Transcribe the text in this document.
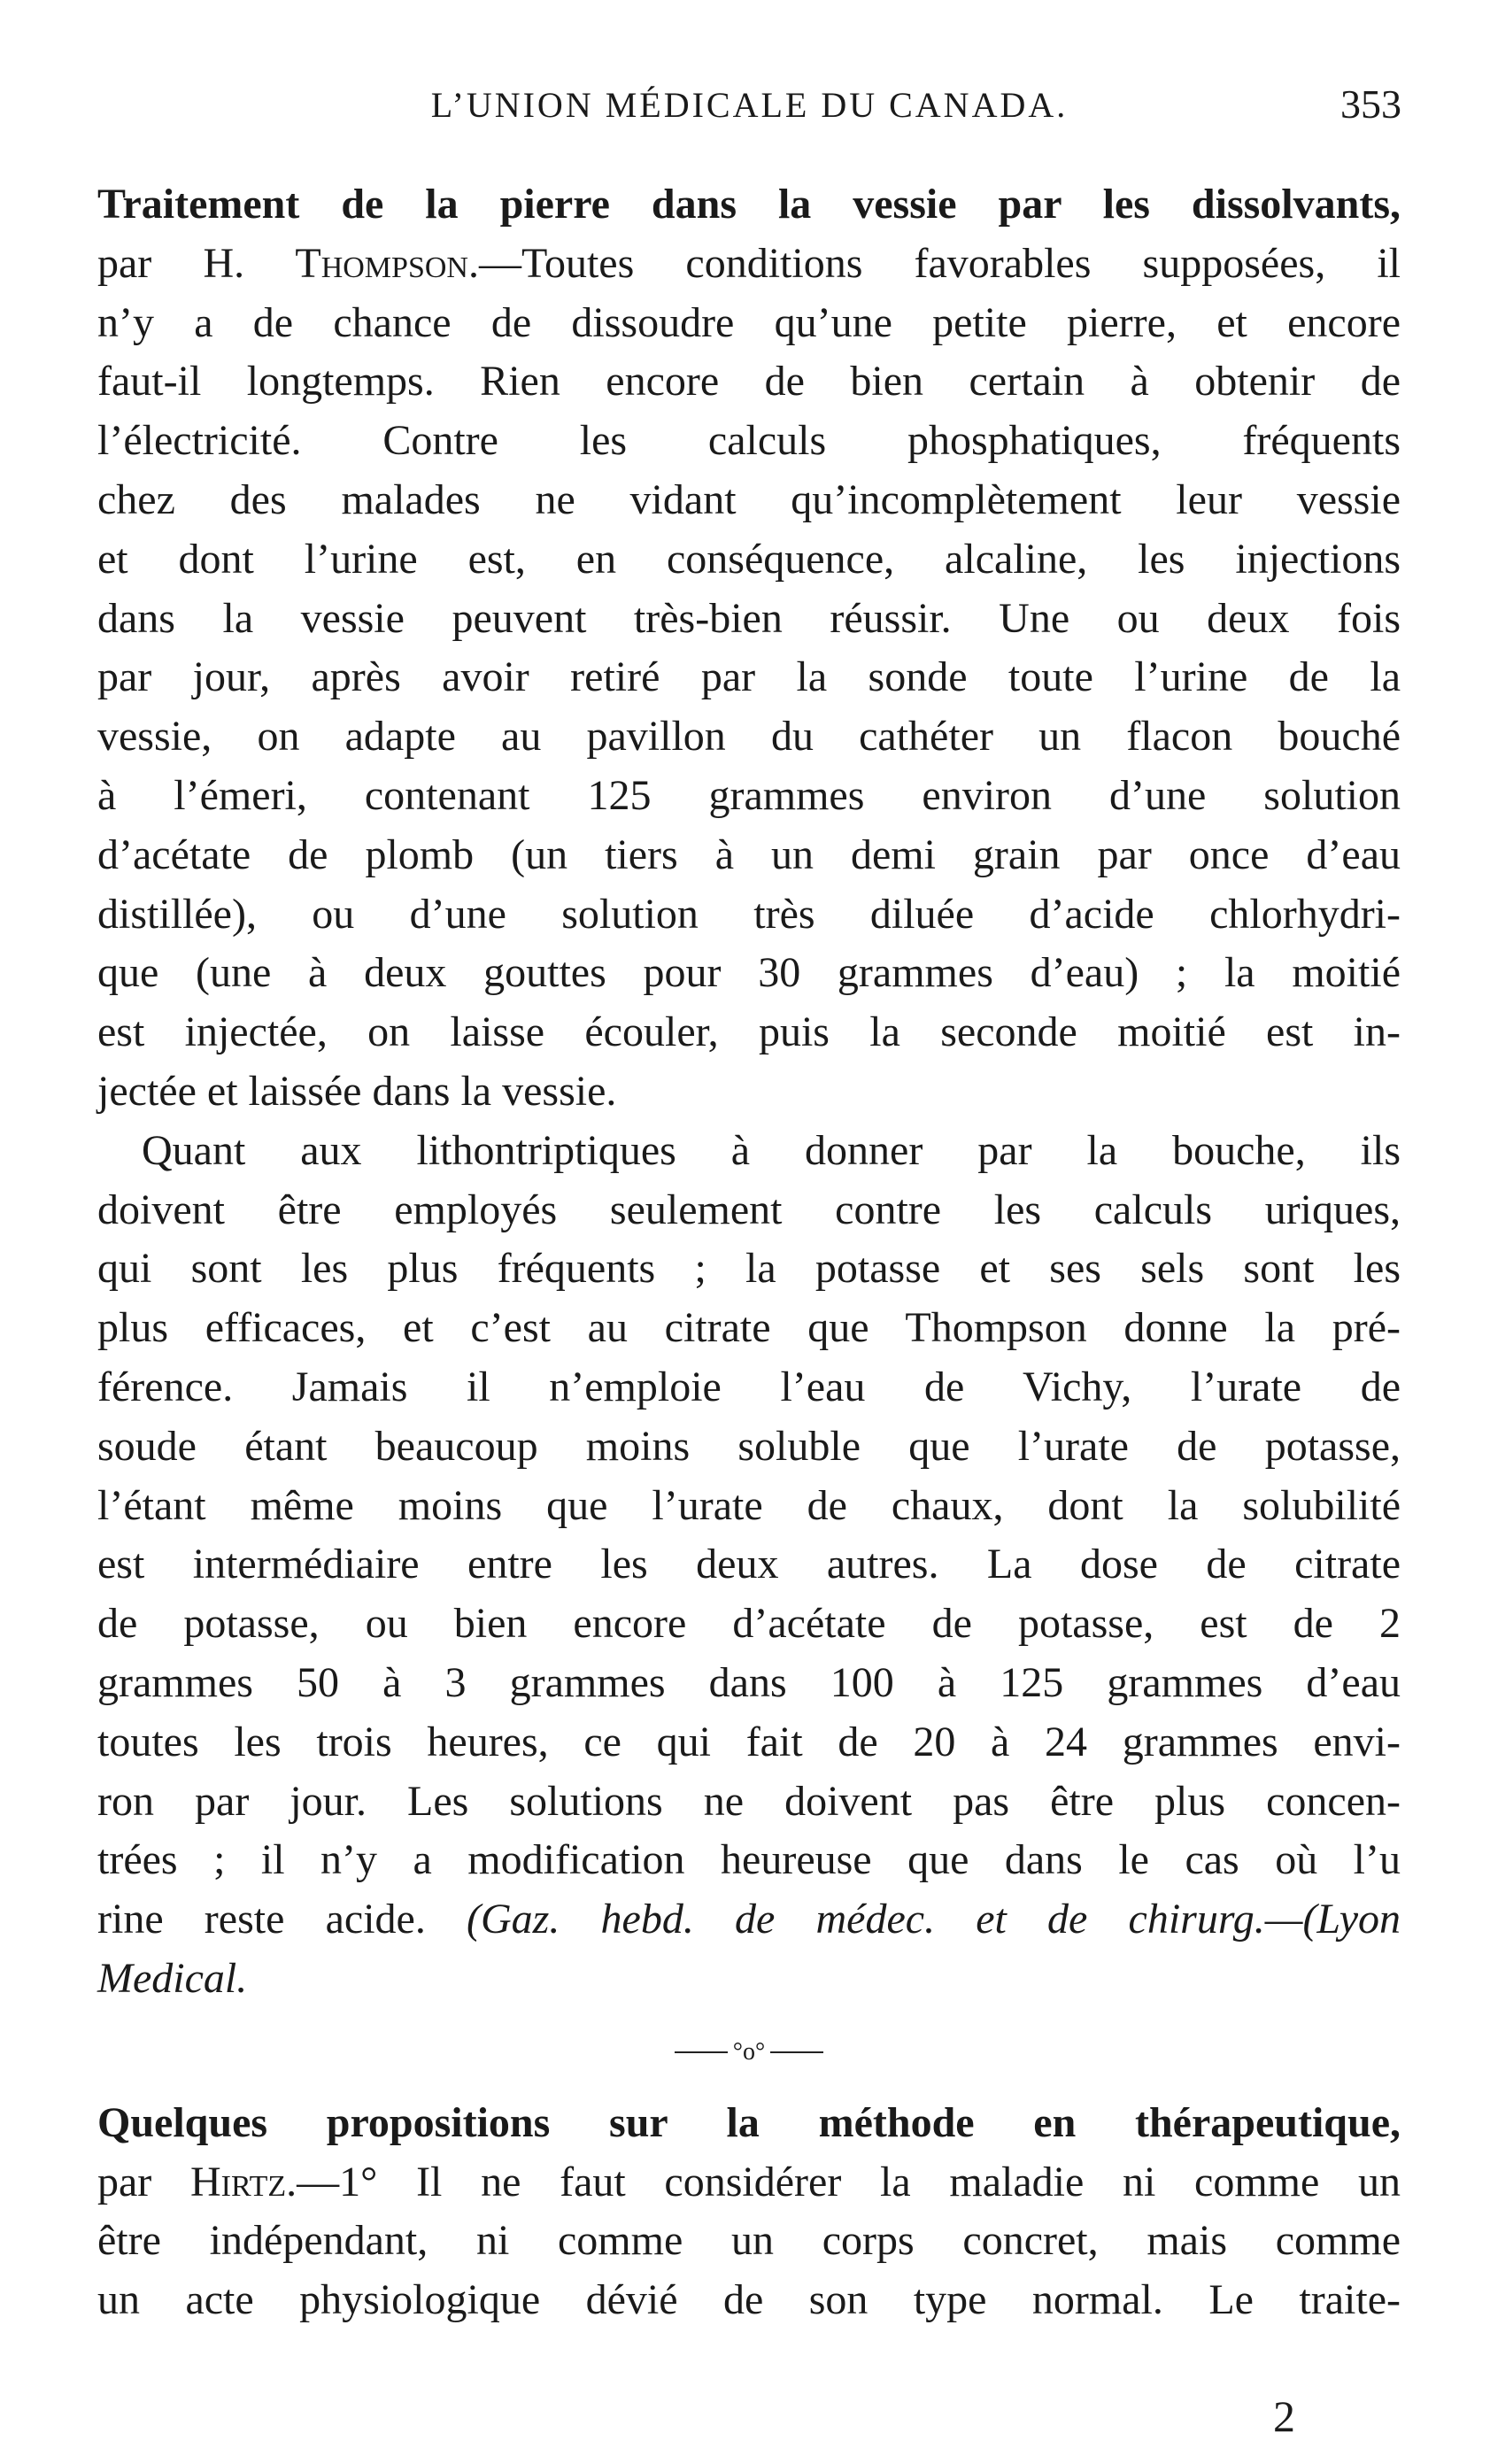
L’UNION MÉDICALE DU CANADA.	353
Traitement de la pierre dans la vessie par les dissolvants,
par H. Thompson.—Toutes conditions favorables supposées, il
n’y a de chance de dissoudre qu’une petite pierre, et encore
faut-il longtemps. Rien encore de bien certain à obtenir de
l’électricité. Contre les calculs phosphatiques, fréquents
chez des malades ne vidant qu’incomplètement leur vessie
et dont l’urine est, en conséquence, alcaline, les injections
dans la vessie peuvent très-bien réussir. Une ou deux fois
par jour, après avoir retiré par la sonde toute l’urine de la
vessie, on adapte au pavillon du cathéter un flacon bouché
à l’émeri, contenant 125 grammes environ d’une solution
d’acétate de plomb (un tiers à un demi grain par once d’eau
distillée), ou d’une solution très diluée d’acide chlorhydri-
que (une à deux gouttes pour 30 grammes d’eau) ; la moitié
est injectée, on laisse écouler, puis la seconde moitié est in-
jectée et laissée dans la vessie.
Quant aux lithontriptiques à donner par la bouche, ils
doivent être employés seulement contre les calculs uriques,
qui sont les plus fréquents ; la potasse et ses sels sont les
plus efficaces, et c’est au citrate que Thompson donne la pré-
férence. Jamais il n’emploie l’eau de Vichy, l’urate de
soude étant beaucoup moins soluble que l’urate de potasse,
l’étant même moins que l’urate de chaux, dont la solubilité
est intermédiaire entre les deux autres. La dose de citrate
de potasse, ou bien encore d’acétate de potasse, est de 2
grammes 50 à 3 grammes dans 100 à 125 grammes d’eau
toutes les trois heures, ce qui fait de 20 à 24 grammes envi-
ron par jour. Les solutions ne doivent pas être plus concen-
trées ; il n’y a modification heureuse que dans le cas où l’u
rine reste acide. (Gaz. hebd. de médec. et de chirurg.—(Lyon
Medical.
°o°
Quelques propositions sur la méthode en thérapeutique,
par Hirtz.—1° Il ne faut considérer la maladie ni comme un
être indépendant, ni comme un corps concret, mais comme
un acte physiologique dévié de son type normal. Le traite-
2
